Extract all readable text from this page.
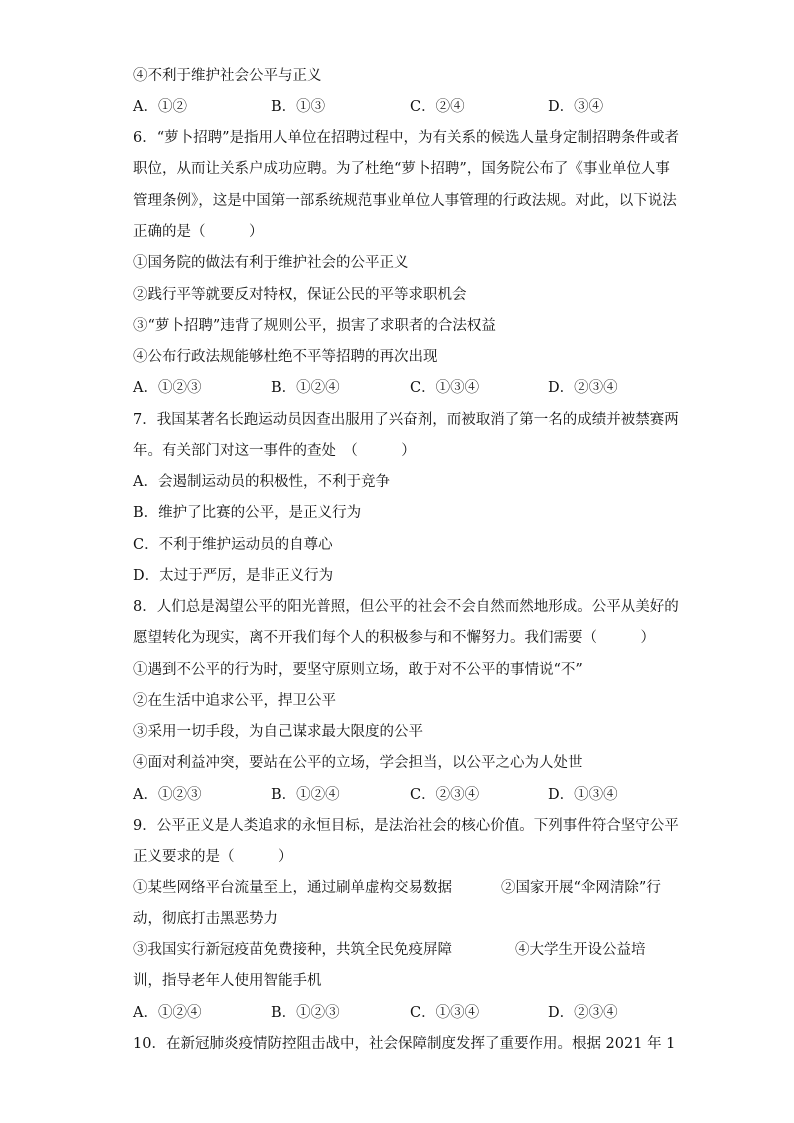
④不利于维护社会公平与正义
A．①②	B．①③	C．②④	D．③④
6．“萝卜招聘”是指用人单位在招聘过程中，为有关系的候选人量身定制招聘条件或者
职位，从而让关系户成功应聘。为了杜绝“萝卜招聘”，国务院公布了《事业单位人事
管理条例》，这是中国第一部系统规范事业单位人事管理的行政法规。对此，以下说法
正确的是（　　　）
①国务院的做法有利于维护社会的公平正义
②践行平等就要反对特权，保证公民的平等求职机会
③“萝卜招聘”违背了规则公平，损害了求职者的合法权益
④公布行政法规能够杜绝不平等招聘的再次出现
A．①②③	B．①②④	C．①③④	D．②③④
7．我国某著名长跑运动员因查出服用了兴奋剂，而被取消了第一名的成绩并被禁赛两
年。有关部门对这一事件的查处　（　　　）
A．会遏制运动员的积极性，不利于竞争
B．维护了比赛的公平，是正义行为
C．不利于维护运动员的自尊心
D．太过于严厉，是非正义行为
8．人们总是渴望公平的阳光普照，但公平的社会不会自然而然地形成。公平从美好的
愿望转化为现实，离不开我们每个人的积极参与和不懈努力。我们需要（　　　）
①遇到不公平的行为时，要坚守原则立场，敢于对不公平的事情说“不”
②在生活中追求公平，捍卫公平
③采用一切手段，为自己谋求最大限度的公平
④面对利益冲突，要站在公平的立场，学会担当，以公平之心为人处世
A．①②③	B．①②④	C．②③④	D．①③④
9．公平正义是人类追求的永恒目标，是法治社会的核心价值。下列事件符合坚守公平
正义要求的是（　　　）
①某些网络平台流量至上，通过刷单虚构交易数据	②国家开展“伞网清除”行
动，彻底打击黑恶势力
③我国实行新冠疫苗免费接种，共筑全民免疫屏障	④大学生开设公益培
训，指导老年人使用智能手机
A．①②④	B．①②③	C．①③④	D．②③④
10．在新冠肺炎疫情防控阻击战中，社会保障制度发挥了重要作用。根据 2021 年 1
